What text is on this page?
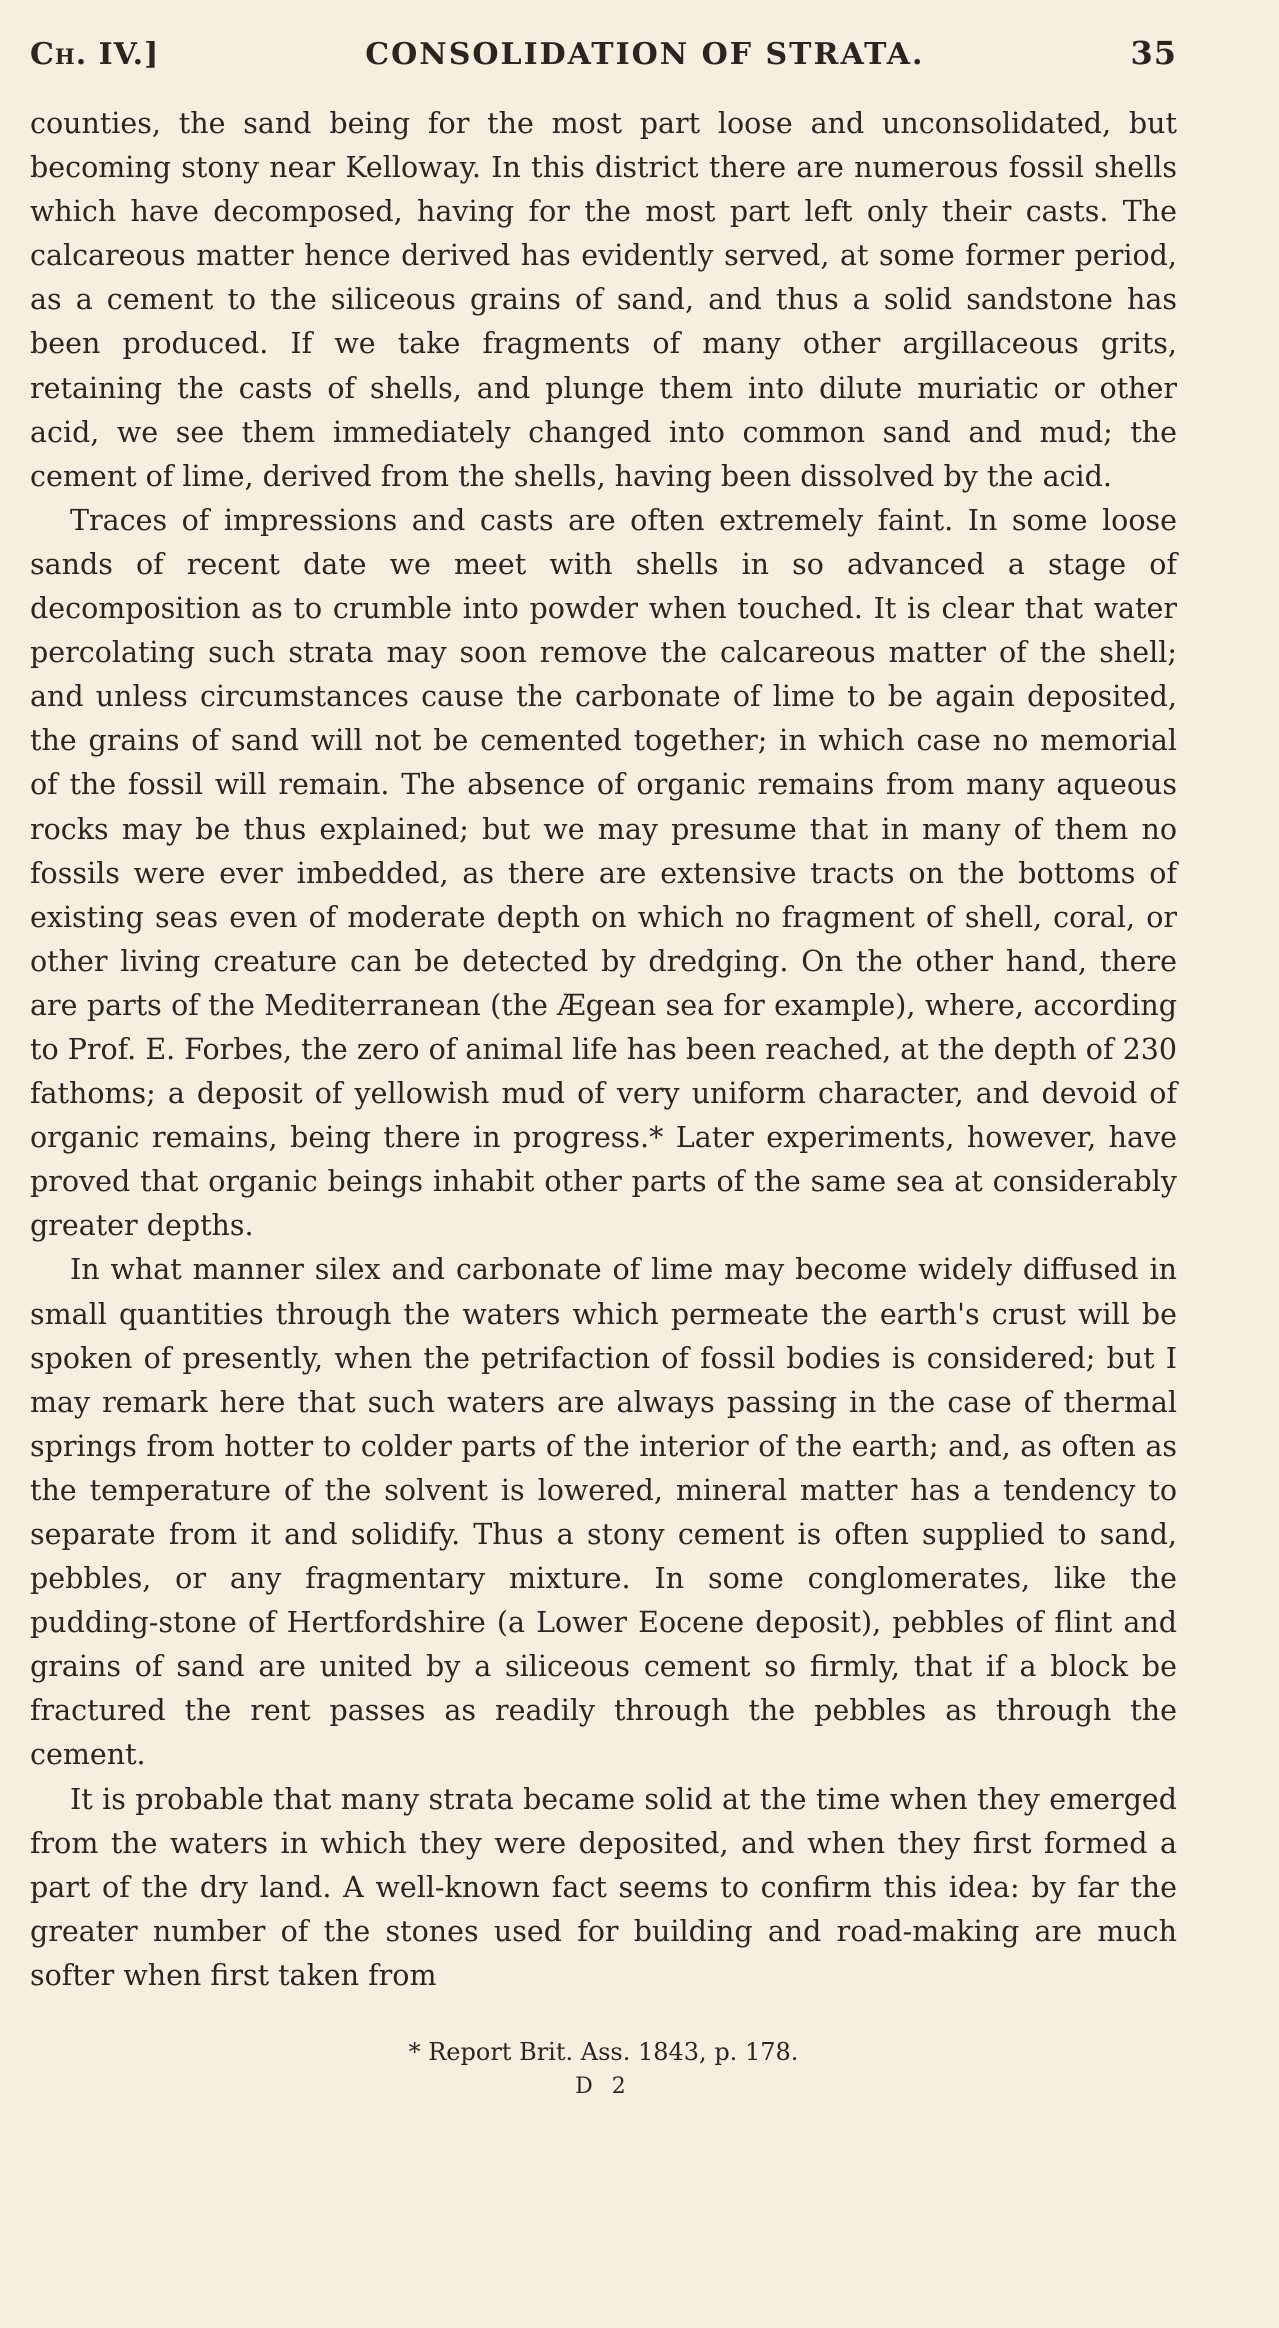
Ch. IV.]	CONSOLIDATION OF STRATA.	35

counties, the sand being for the most part loose and unconsolidated, but becoming stony near Kelloway. In this district there are numerous fossil shells which have decomposed, having for the most part left only their casts. The calcareous matter hence derived has evidently served, at some former period, as a cement to the siliceous grains of sand, and thus a solid sandstone has been produced. If we take fragments of many other argillaceous grits, retaining the casts of shells, and plunge them into dilute muriatic or other acid, we see them immediately changed into common sand and mud; the cement of lime, derived from the shells, having been dissolved by the acid.

Traces of impressions and casts are often extremely faint. In some loose sands of recent date we meet with shells in so advanced a stage of decomposition as to crumble into powder when touched. It is clear that water percolating such strata may soon remove the calcareous matter of the shell; and unless circumstances cause the carbonate of lime to be again deposited, the grains of sand will not be cemented together; in which case no memorial of the fossil will remain. The absence of organic remains from many aqueous rocks may be thus explained; but we may presume that in many of them no fossils were ever imbedded, as there are extensive tracts on the bottoms of existing seas even of moderate depth on which no fragment of shell, coral, or other living creature can be detected by dredging. On the other hand, there are parts of the Mediterranean (the Ægean sea for example), where, according to Prof. E. Forbes, the zero of animal life has been reached, at the depth of 230 fathoms; a deposit of yellowish mud of very uniform character, and devoid of organic remains, being there in progress.* Later experiments, however, have proved that organic beings inhabit other parts of the same sea at considerably greater depths.

In what manner silex and carbonate of lime may become widely diffused in small quantities through the waters which permeate the earth's crust will be spoken of presently, when the petrifaction of fossil bodies is considered; but I may remark here that such waters are always passing in the case of thermal springs from hotter to colder parts of the interior of the earth; and, as often as the temperature of the solvent is lowered, mineral matter has a tendency to separate from it and solidify. Thus a stony cement is often supplied to sand, pebbles, or any fragmentary mixture. In some conglomerates, like the pudding-stone of Hertfordshire (a Lower Eocene deposit), pebbles of flint and grains of sand are united by a siliceous cement so firmly, that if a block be fractured the rent passes as readily through the pebbles as through the cement.

It is probable that many strata became solid at the time when they emerged from the waters in which they were deposited, and when they first formed a part of the dry land. A well-known fact seems to confirm this idea: by far the greater number of the stones used for building and road-making are much softer when first taken from

* Report Brit. Ass. 1843, p. 178.
D 2
